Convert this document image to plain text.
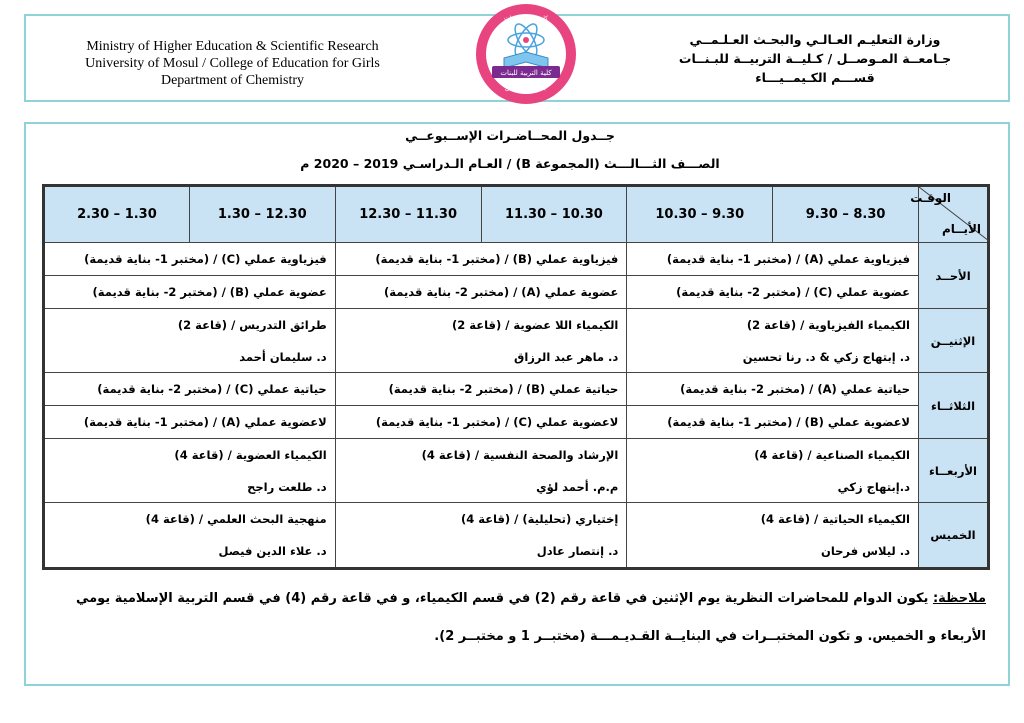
Ministry of Higher Education & Scientific Research
University of Mosul / College of Education for Girls
Department of Chemistry
وزارة التعليـم العـالـي والبحـث العـلـمــي
جـامعــة المـوصــل / كـليــة التربيــة للبـنــات
قســـم الكـيمــيـــاء
كلية التربية للبنات
كلية التربية للبنات
جامعة الموصل
جــدول المحــاضـرات الإســبوعــي
الصـــف الثـــالـــث (المجموعة B) / العـام الـدراسـي 2019 – 2020 م
الوقـت
الأيــام	8.30 – 9.30	9.30 – 10.30	10.30 – 11.30	11.30 – 12.30	12.30 – 1.30	1.30 – 2.30
الأحــد	فيزياوية عملي (A) / (مختبر 1- بناية قديمة)		فيزياوية عملي (B) / (مختبر 1- بناية قديمة)		فيزياوية عملي (C) / (مختبر 1- بناية قديمة)	
	عضوية عملي (C) / (مختبر 2- بناية قديمة)		عضوية عملي (A) / (مختبر 2- بناية قديمة)		عضوية عملي (B) / (مختبر 2- بناية قديمة)	
الإثنيــن	الكيمياء الفيزياوية / (قاعة 2)		الكيمياء اللا عضوية / (قاعة 2)		طرائق التدريس / (قاعة 2)	
	د. إبتهاج زكي & د. رنا تحسين		د. ماهر عبد الرزاق		د. سليمان أحمد	
الثلاثــاء	حياتية عملي (A) / (مختبر 2- بناية قديمة)		حياتية عملي (B) / (مختبر 2- بناية قديمة)		حياتية عملي (C) / (مختبر 2- بناية قديمة)	
	لاعضوية عملي (B) / (مختبر 1- بناية قديمة)		لاعضوية عملي (C) / (مختبر 1- بناية قديمة)		لاعضوية عملي (A) / (مختبر 1- بناية قديمة)	
الأربعــاء	الكيمياء الصناعية / (قاعة 4)		الإرشاد والصحة النفسية / (قاعة 4)		الكيمياء العضوية / (قاعة 4)	
	د.إبتهاج زكي		م.م. أحمد لؤي		د. طلعت راجح	
الخميس	الكيمياء الحياتية / (قاعة 4)		إختياري (تحليلية) / (قاعة 4)		منهجية البحث العلمي / (قاعة 4)	
	د. ليلاس فرحان		د. إنتصار عادل		د. علاء الدين فيصل	
ملاحظة: يكون الدوام للمحاضرات النظرية يوم الإثنين في قاعة رقم (2) في قسم الكيمياء، و في قاعة رقم (4) في قسم التربية الإسلامية يومي الأربعاء و الخميس. و تكون المختبــرات في البنايــة القـديـمـــة (مختبــر 1 و مختبــر 2).
